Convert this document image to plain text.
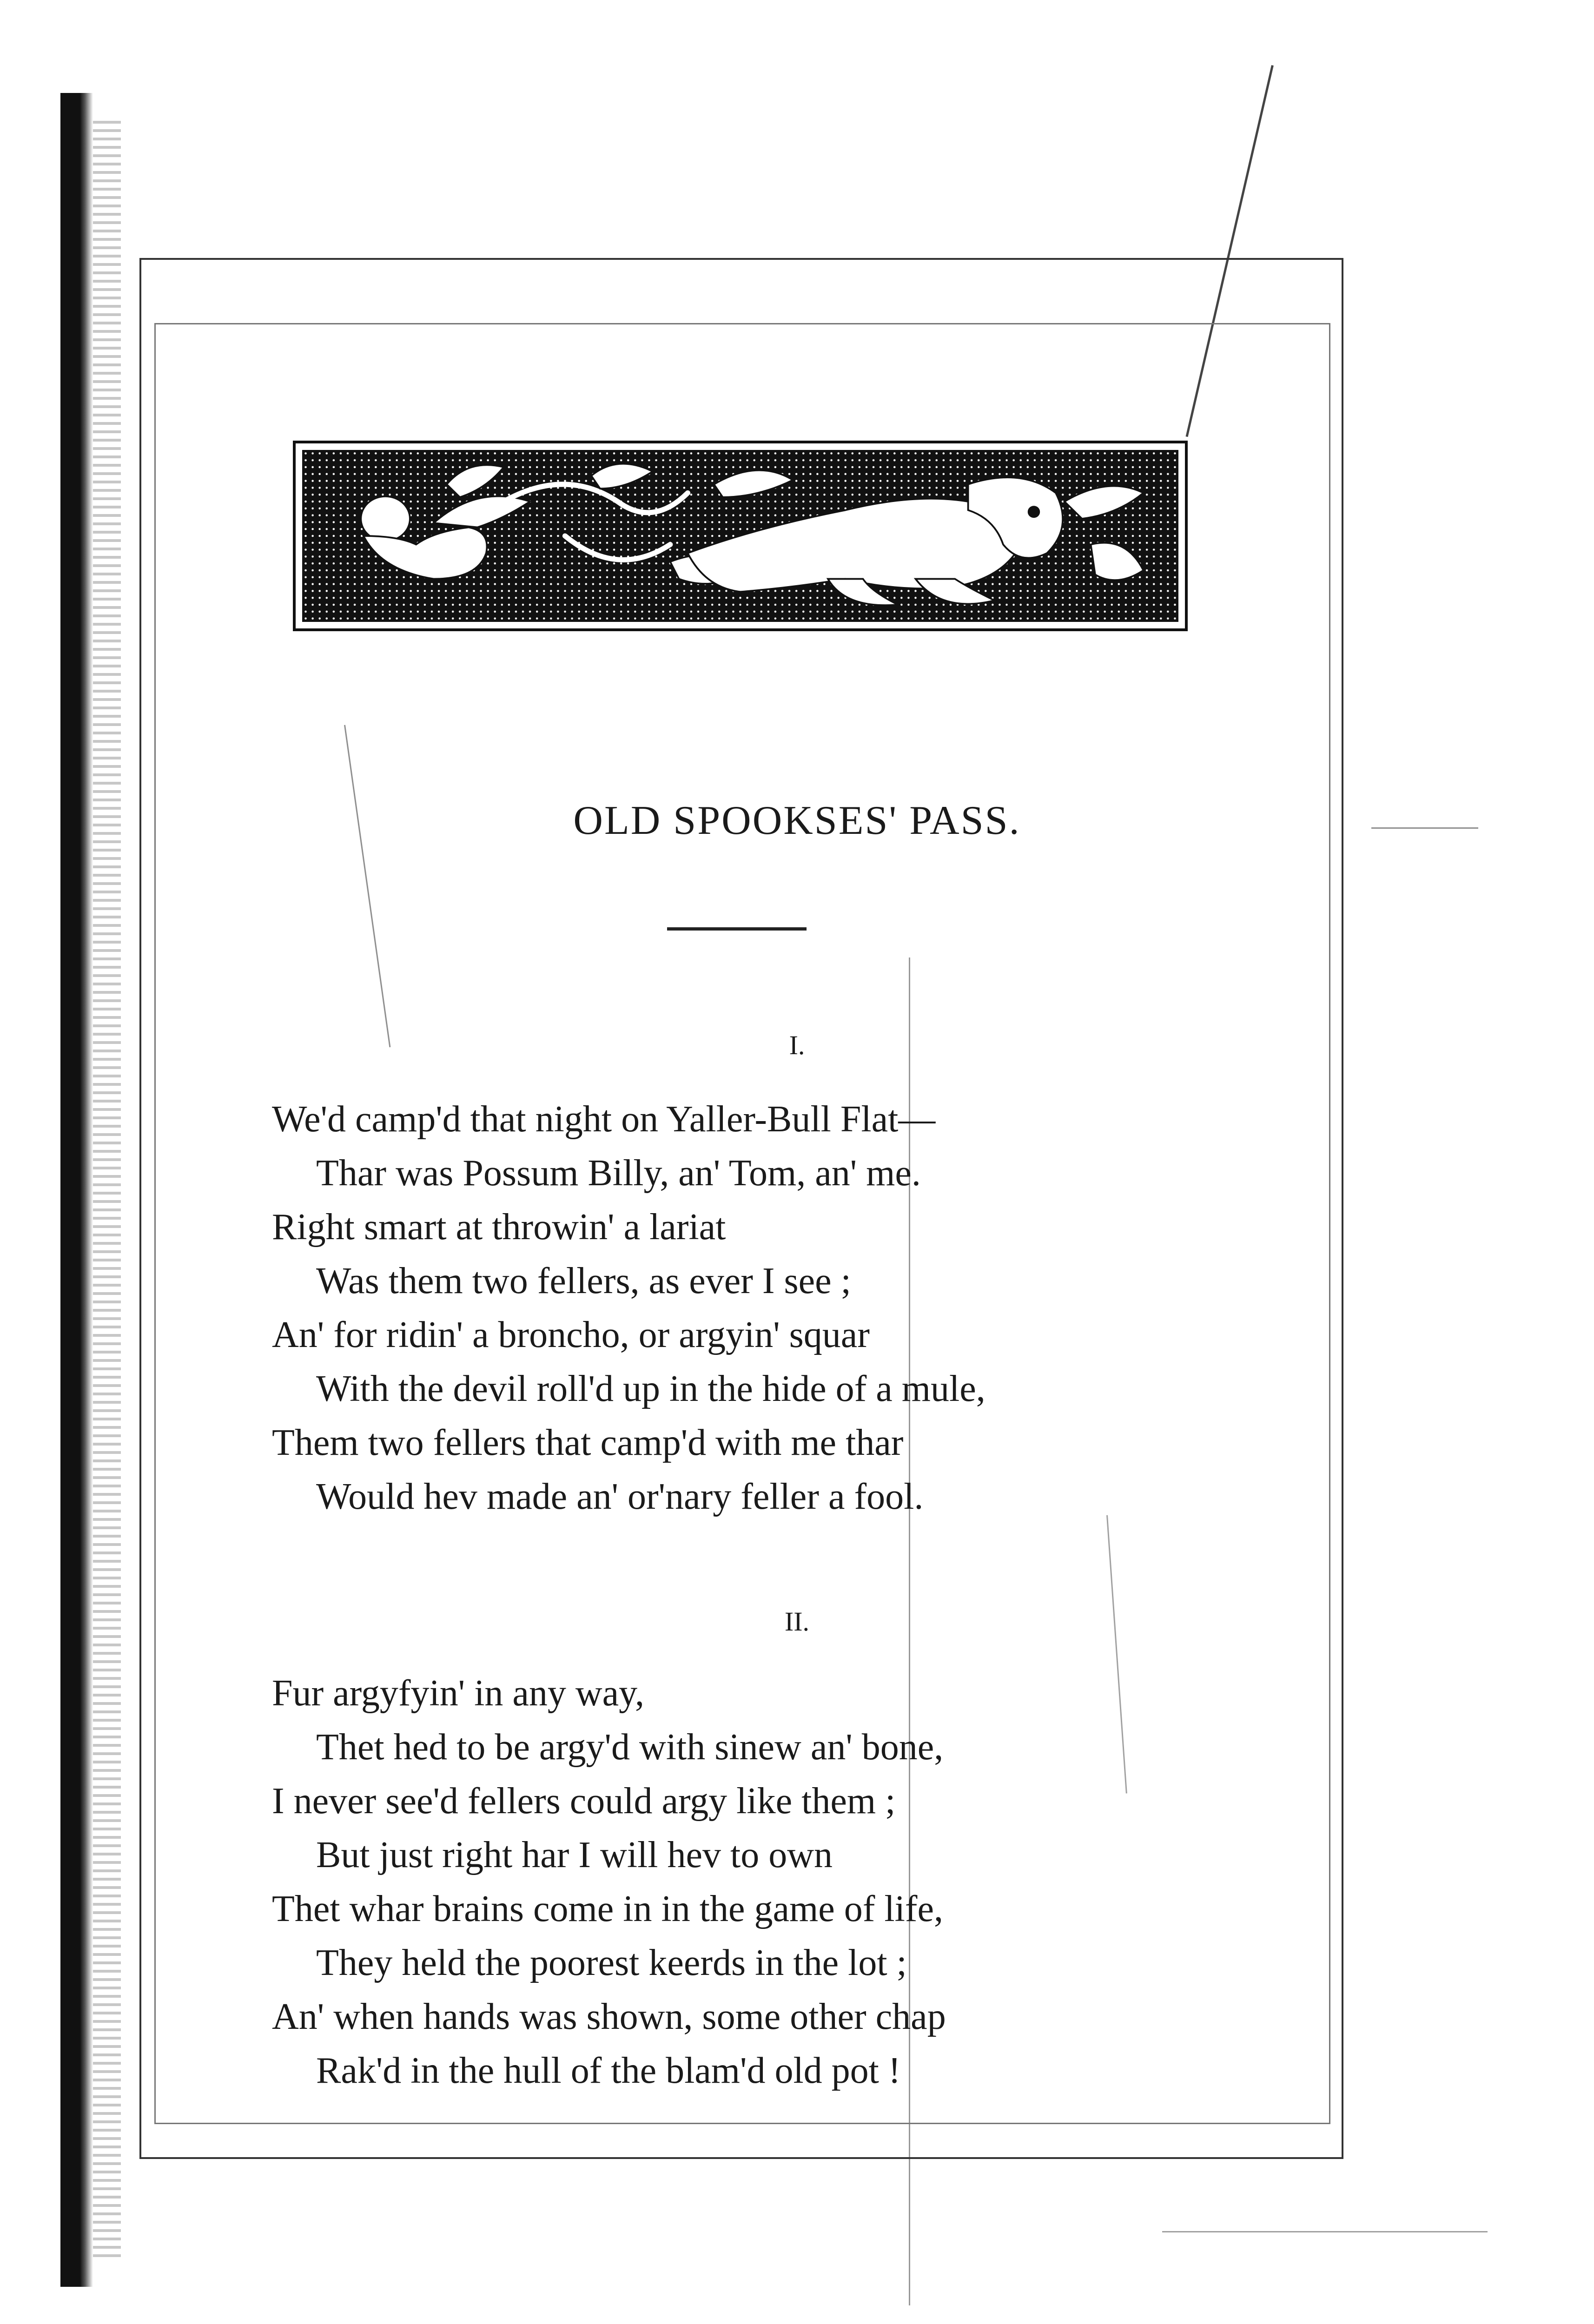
OLD SPOOKSES' PASS.

I.

We'd camp'd that night on Yaller-Bull Flat—
Thar was Possum Billy, an' Tom, an' me.
Right smart at throwin' a lariat
Was them two fellers, as ever I see ;
An' for ridin' a broncho, or argyin' squar
With the devil roll'd up in the hide of a mule,
Them two fellers that camp'd with me thar
Would hev made an' or'nary feller a fool.

II.

Fur argyfyin' in any way,
Thet hed to be argy'd with sinew an' bone,
I never see'd fellers could argy like them ;
But just right har I will hev to own
Thet whar brains come in in the game of life,
They held the poorest keerds in the lot ;
An' when hands was shown, some other chap
Rak'd in the hull of the blam'd old pot !
